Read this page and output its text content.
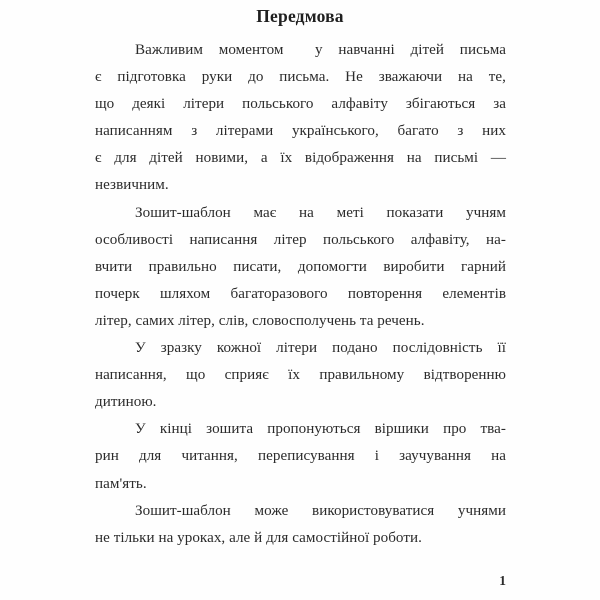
Передмова

Важливим моментом  у навчанні дітей письма
є підготовка руки до письма. Не зважаючи на те,
що деякі літери польського алфавіту збігаються за
написанням з літерами українського, багато з них
є для дітей новими, а їх відображення на письмі —
незвичним.

Зошит-шаблон має на меті показати учням
особливості написання літер польського алфавіту, на-
вчити правильно писати, допомогти виробити гарний
почерк шляхом багаторазового повторення елементів
літер, самих літер, слів, словосполучень та речень.

У зразку кожної літери подано послідовність її
написання, що сприяє їх правильному відтворенню
дитиною.

У кінці зошита пропонуються віршики про тва-
рин для читання, переписування і заучування на
пам'ять.

Зошит-шаблон може використовуватися учнями
не тільки на уроках, але й для самостійної роботи.

1
